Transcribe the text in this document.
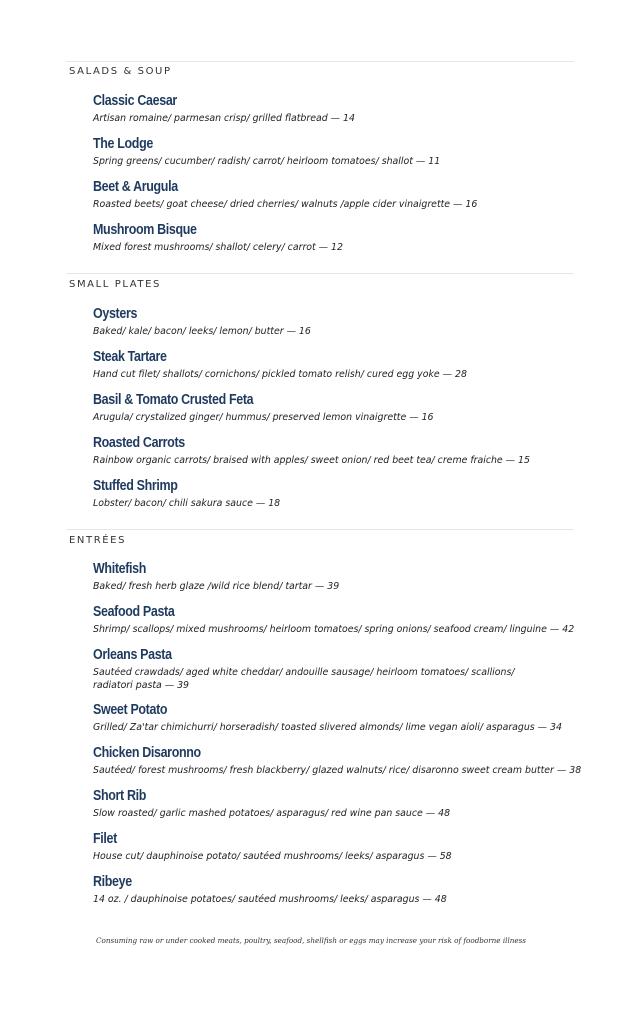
SALADS & SOUP
Classic Caesar
Artisan romaine/ parmesan crisp/ grilled flatbread — 14
The Lodge
Spring greens/ cucumber/ radish/ carrot/ heirloom tomatoes/ shallot — 11
Beet & Arugula
Roasted beets/ goat cheese/ dried cherries/ walnuts /apple cider vinaigrette — 16
Mushroom Bisque
Mixed forest mushrooms/ shallot/ celery/ carrot — 12
SMALL PLATES
Oysters
Baked/ kale/ bacon/ leeks/ lemon/ butter — 16
Steak Tartare
Hand cut filet/ shallots/ cornichons/ pickled tomato relish/ cured egg yoke — 28
Basil & Tomato Crusted Feta
Arugula/ crystalized ginger/ hummus/ preserved lemon vinaigrette — 16
Roasted Carrots
Rainbow organic carrots/ braised with apples/ sweet onion/ red beet tea/ creme fraiche — 15
Stuffed Shrimp
Lobster/ bacon/ chili sakura sauce — 18
ENTRÉES
Whitefish
Baked/ fresh herb glaze /wild rice blend/ tartar — 39
Seafood Pasta
Shrimp/ scallops/ mixed mushrooms/ heirloom tomatoes/ spring onions/ seafood cream/ linguine — 42
Orleans Pasta
Sautéed crawdads/ aged white cheddar/ andouille sausage/ heirloom tomatoes/ scallions/ radiatori pasta — 39
Sweet Potato
Grilled/ Za'tar chimichurri/ horseradish/ toasted slivered almonds/ lime vegan aioli/ asparagus — 34
Chicken Disaronno
Sautéed/ forest mushrooms/ fresh blackberry/ glazed walnuts/ rice/ disaronno sweet cream butter — 38
Short Rib
Slow roasted/ garlic mashed potatoes/ asparagus/ red wine pan sauce — 48
Filet
House cut/ dauphinoise potato/ sautéed mushrooms/ leeks/ asparagus — 58
Ribeye
14 oz. / dauphinoise potatoes/ sautéed mushrooms/ leeks/ asparagus — 48
Consuming raw or under cooked meats, poultry, seafood, shellfish or eggs may increase your risk of foodborne illness
